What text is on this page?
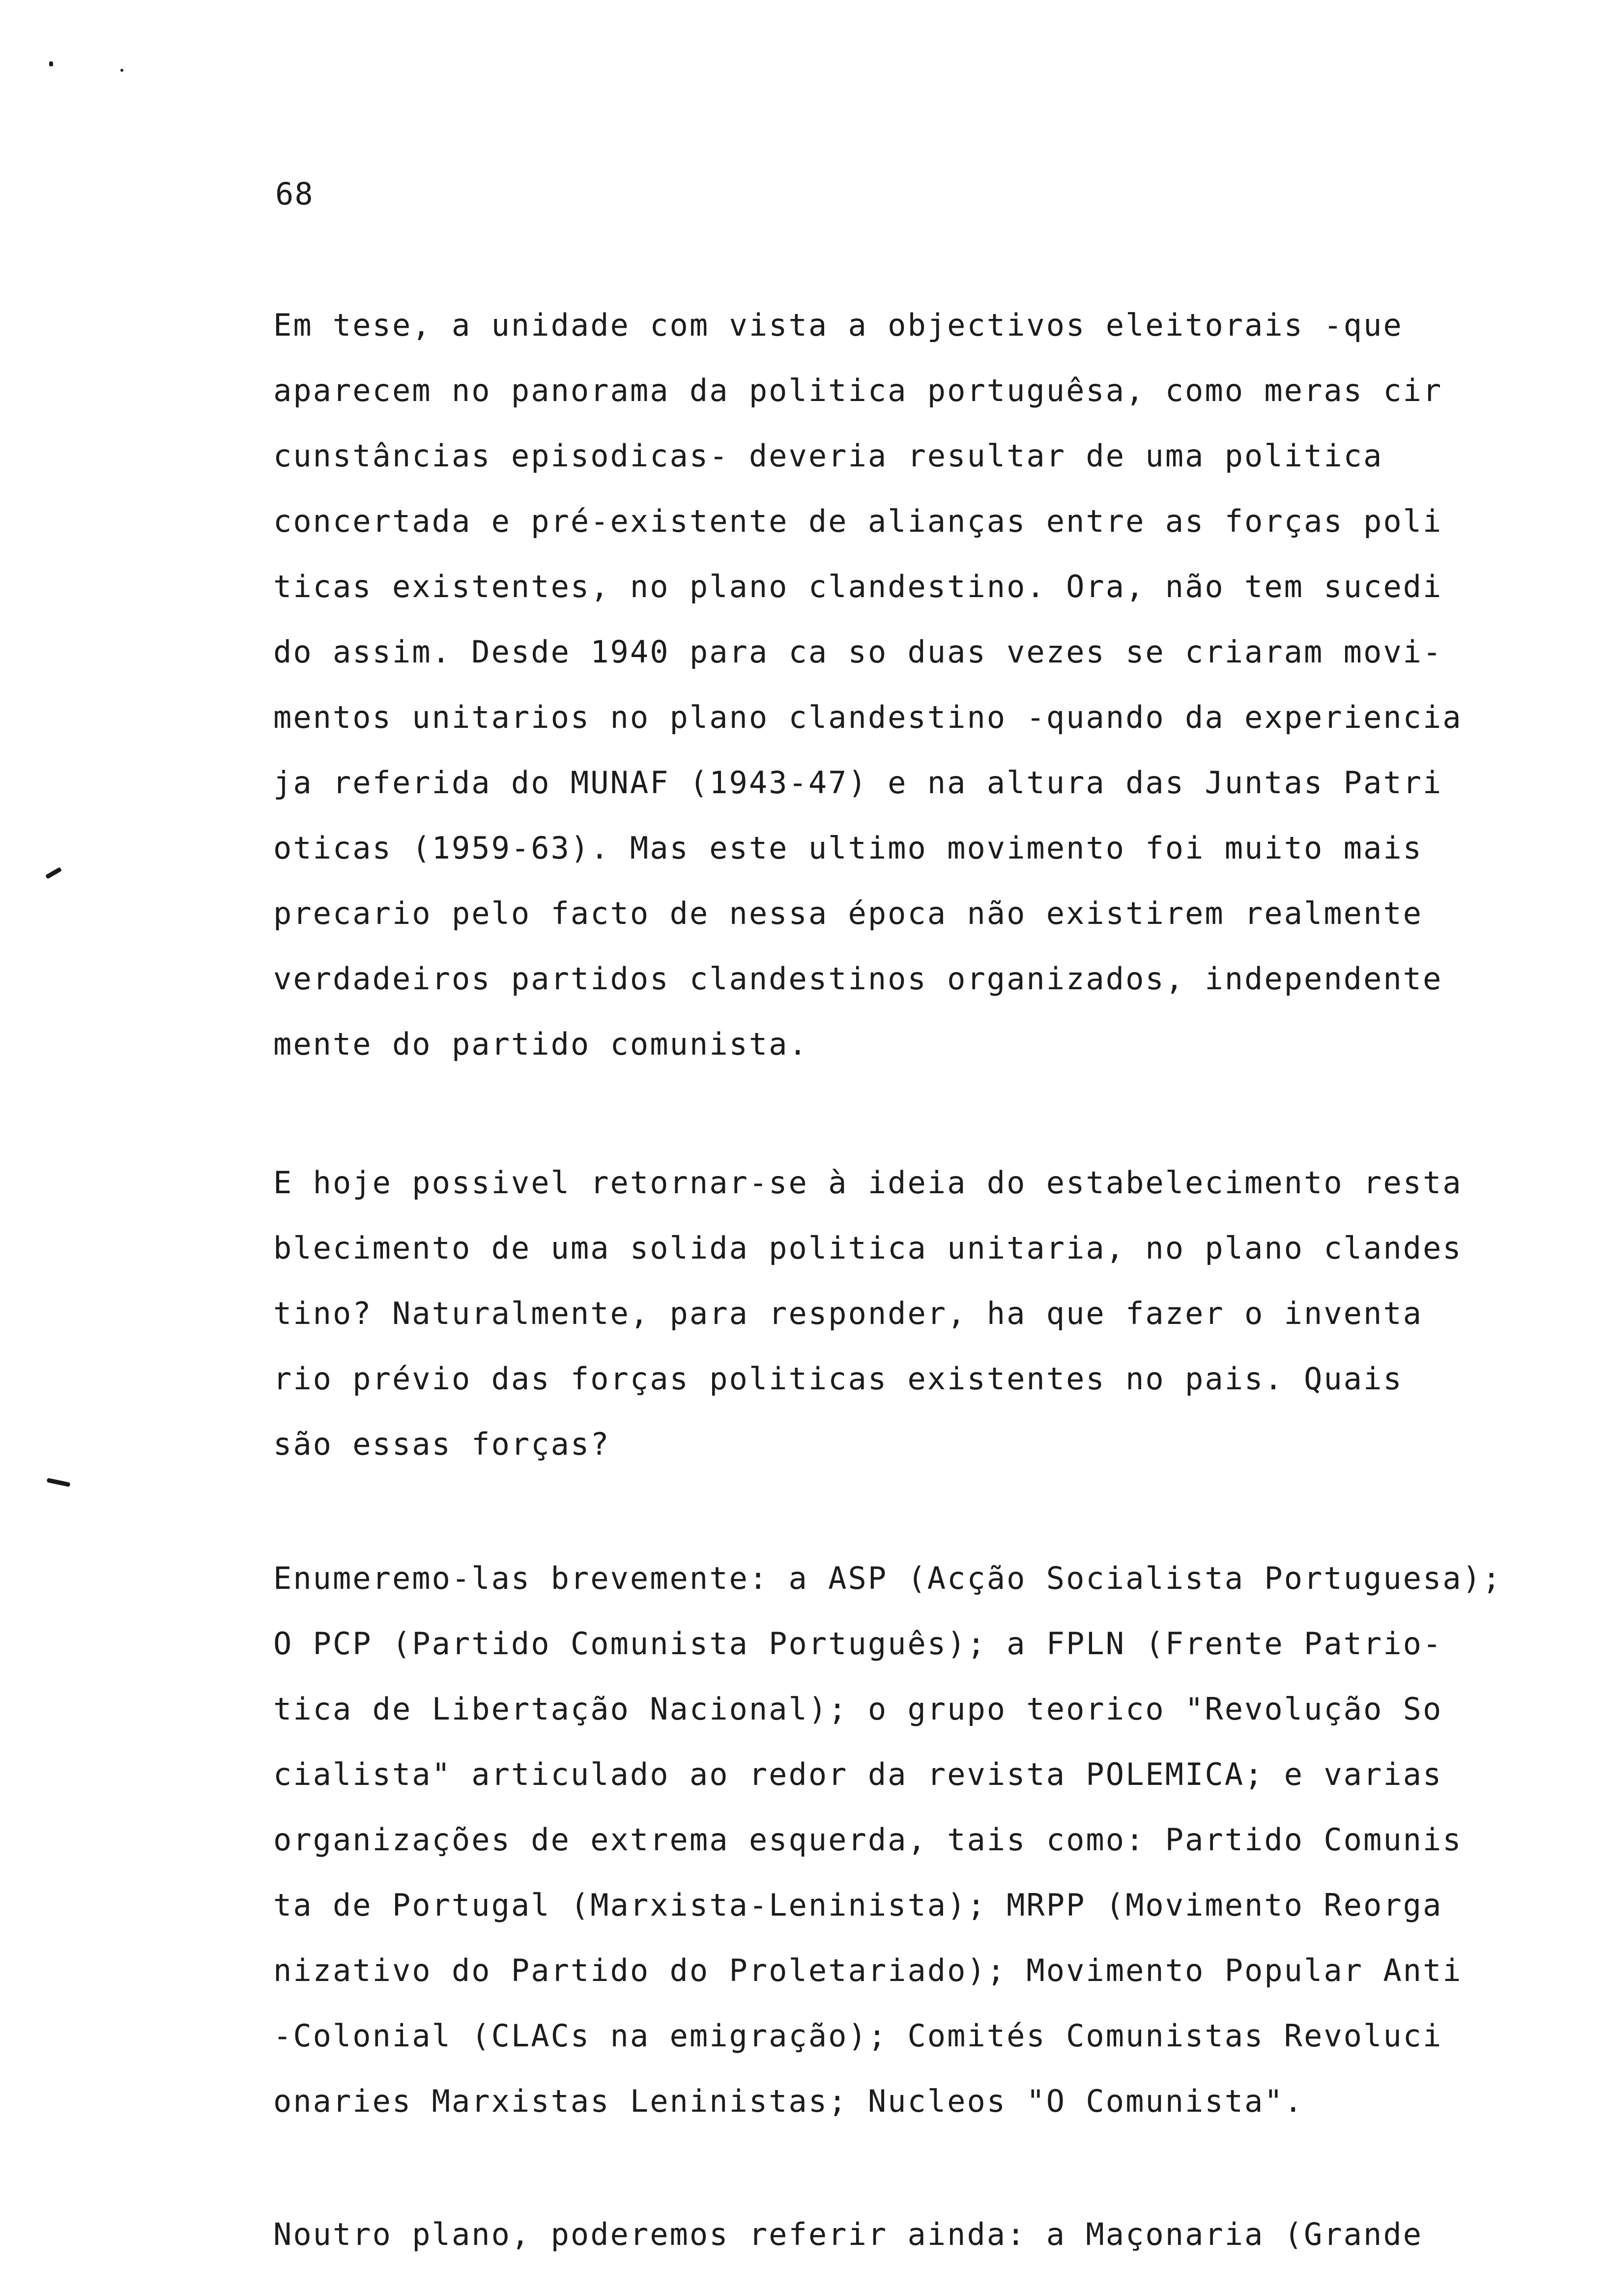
68
Em tese, a unidade com vista a objectivos eleitorais -que
aparecem no panorama da politica portuguêsa, como meras cir
cunstâncias episodicas- deveria resultar de uma politica
concertada e pré-existente de alianças entre as forças poli
ticas existentes, no plano clandestino. Ora, não tem sucedi
do assim. Desde 1940 para ca so duas vezes se criaram movi-
mentos unitarios no plano clandestino -quando da experiencia
ja referida do MUNAF (1943-47) e na altura das Juntas Patri
oticas (1959-63). Mas este ultimo movimento foi muito mais
precario pelo facto de nessa época não existirem realmente
verdadeiros partidos clandestinos organizados, independente
mente do partido comunista.
E hoje possivel retornar-se à ideia do estabelecimento resta
blecimento de uma solida politica unitaria, no plano clandes
tino? Naturalmente, para responder, ha que fazer o inventa
rio prévio das forças politicas existentes no pais. Quais
são essas forças?
Enumeremo-las brevemente: a ASP (Acção Socialista Portuguesa);
O PCP (Partido Comunista Português); a FPLN (Frente Patrio-
tica de Libertação Nacional); o grupo teorico "Revolução So
cialista" articulado ao redor da revista POLEMICA; e varias
organizações de extrema esquerda, tais como: Partido Comunis
ta de Portugal (Marxista-Leninista); MRPP (Movimento Reorga
nizativo do Partido do Proletariado); Movimento Popular Anti
-Colonial (CLACs na emigração); Comités Comunistas Revoluci
onaries Marxistas Leninistas; Nucleos "O Comunista".
Noutro plano, poderemos referir ainda: a Maçonaria (Grande
